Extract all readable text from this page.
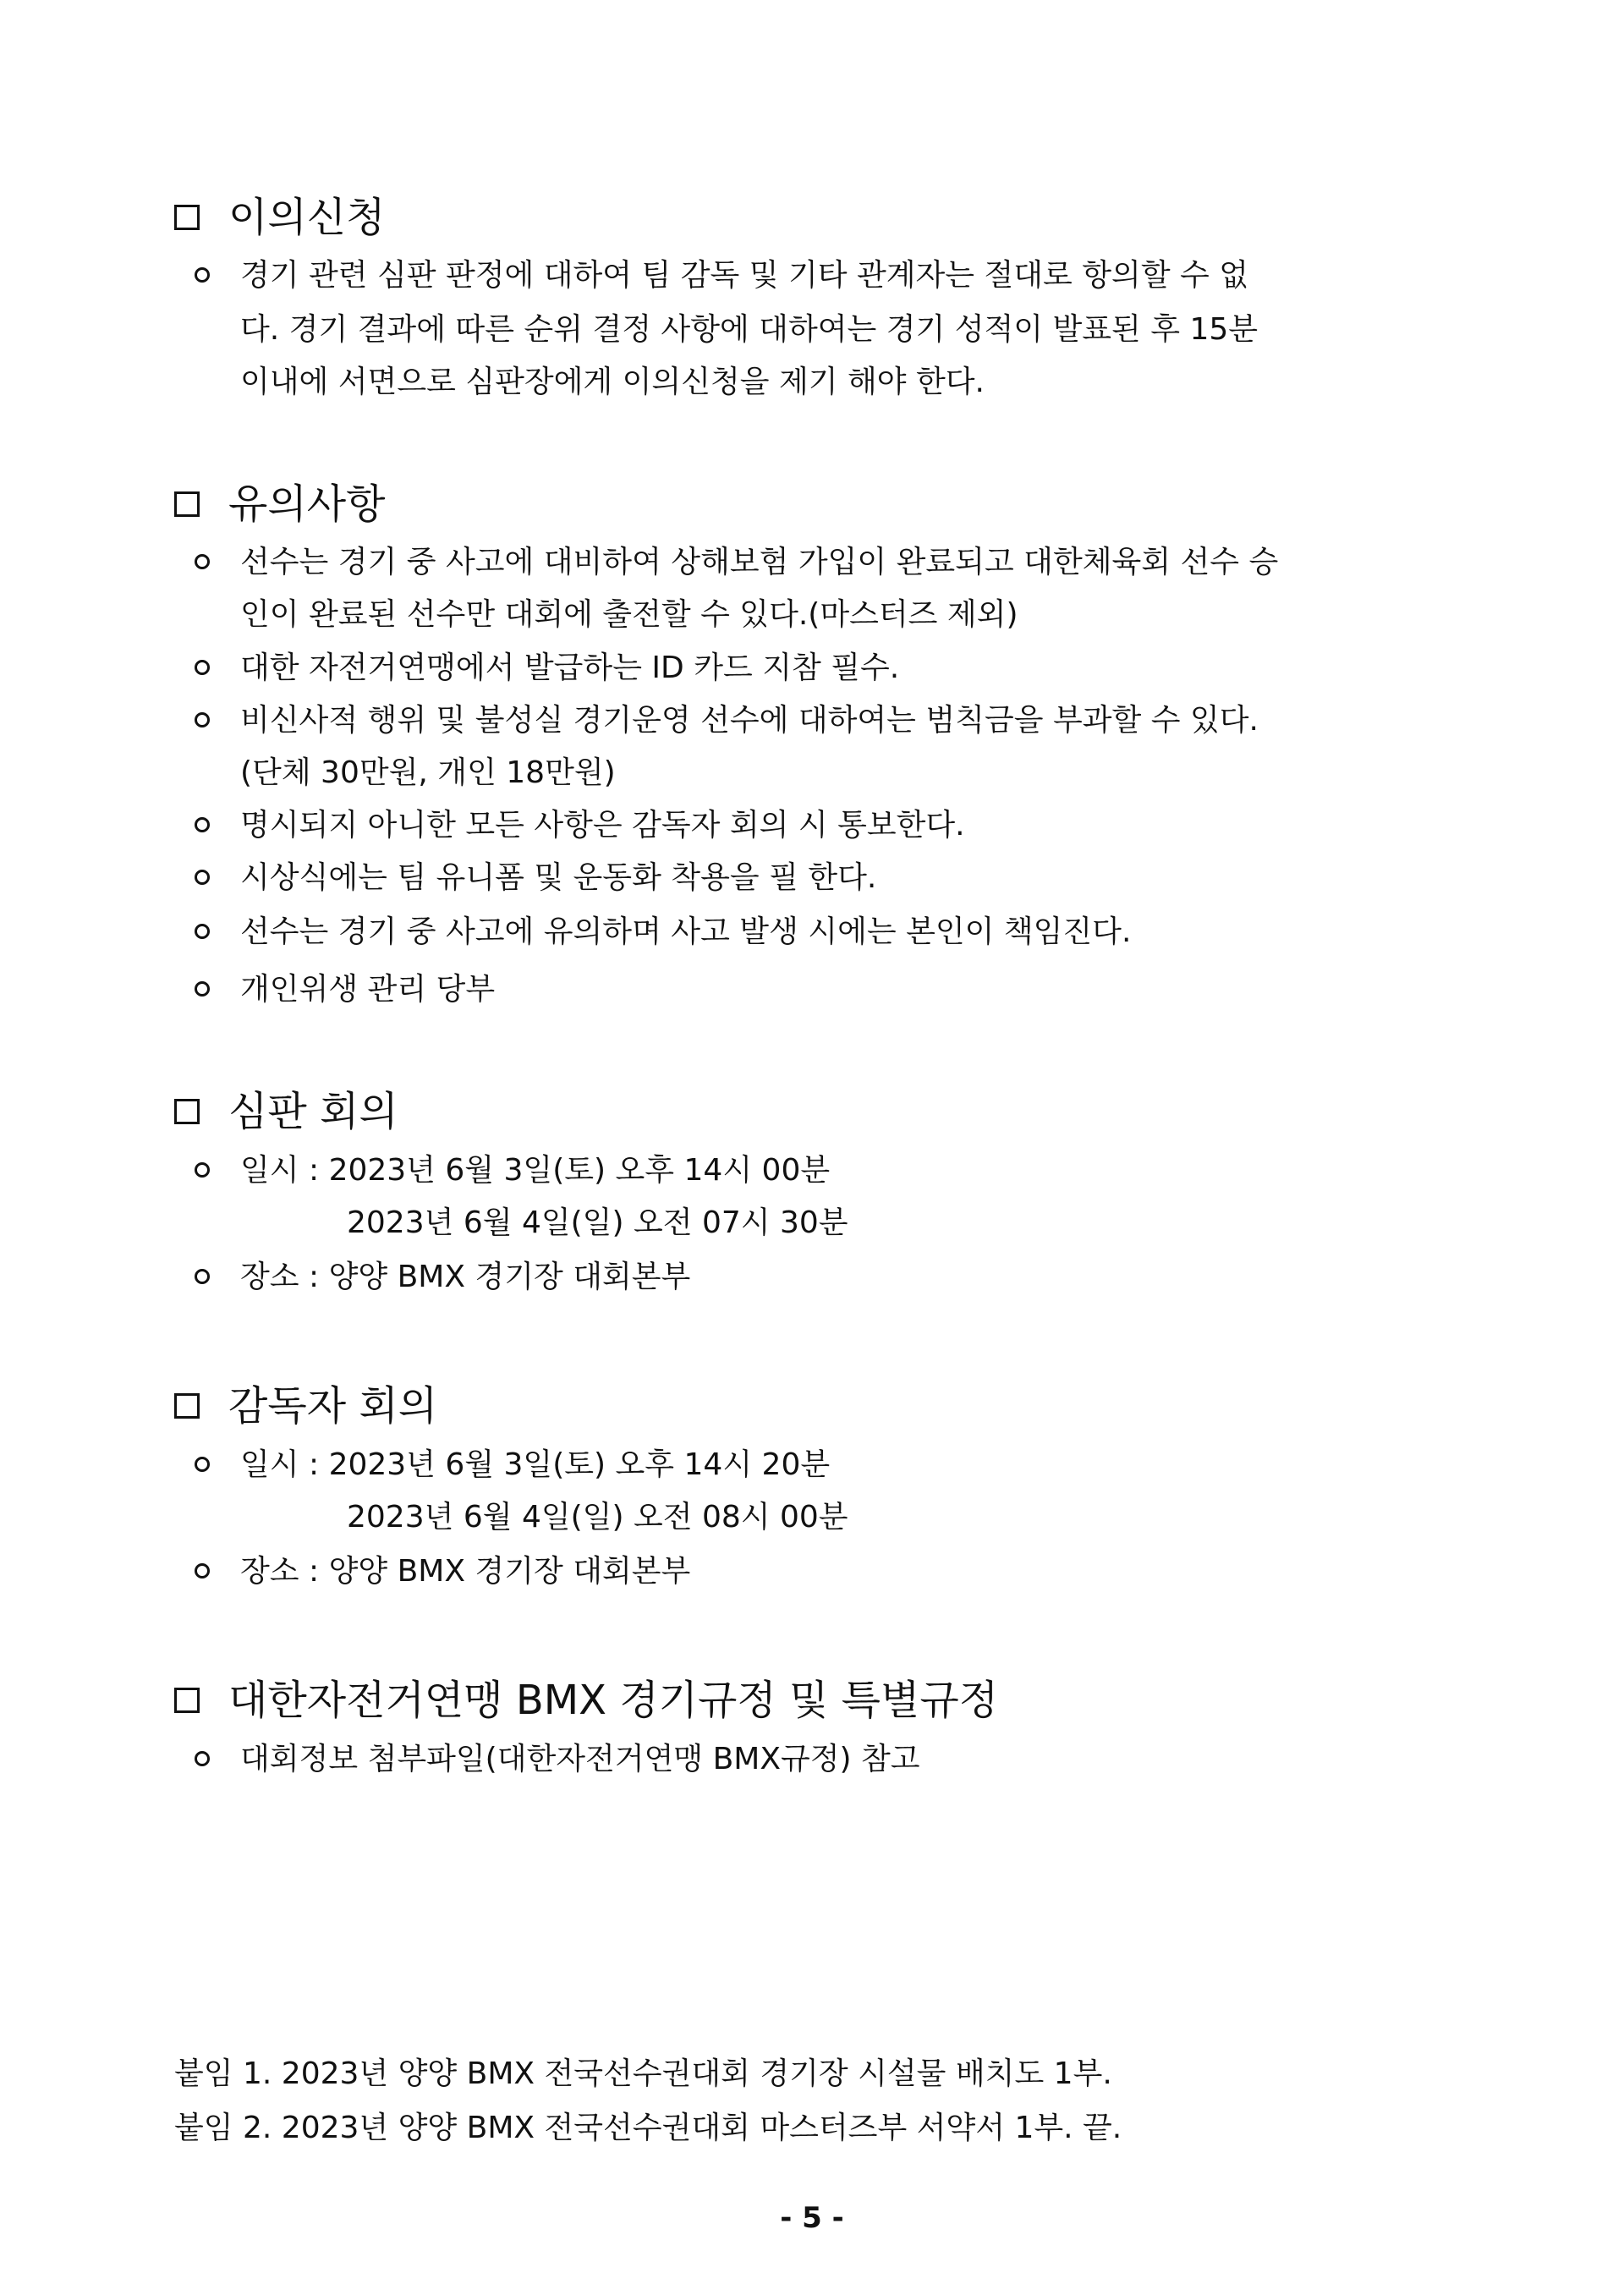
이의신청
경기 관련 심판 판정에 대하여 팀 감독 및 기타 관계자는 절대로 항의할 수 없
다. 경기 결과에 따른 순위 결정 사항에 대하여는 경기 성적이 발표된 후 15분
이내에 서면으로 심판장에게 이의신청을 제기 해야 한다.
유의사항
선수는 경기 중 사고에 대비하여 상해보험 가입이 완료되고 대한체육회 선수 승
인이 완료된 선수만 대회에 출전할 수 있다.(마스터즈 제외)
대한 자전거연맹에서 발급하는 ID 카드 지참 필수.
비신사적 행위 및 불성실 경기운영 선수에 대하여는 범칙금을 부과할 수 있다.
(단체 30만원, 개인 18만원)
명시되지 아니한 모든 사항은 감독자 회의 시 통보한다.
시상식에는 팀 유니폼 및 운동화 착용을 필 한다.
선수는 경기 중 사고에 유의하며 사고 발생 시에는 본인이 책임진다.
개인위생 관리 당부
심판 회의
일시 : 2023년 6월 3일(토) 오후 14시 00분
2023년 6월 4일(일) 오전 07시 30분
장소 : 양양 BMX 경기장 대회본부
감독자 회의
일시 : 2023년 6월 3일(토) 오후 14시 20분
2023년 6월 4일(일) 오전 08시 00분
장소 : 양양 BMX 경기장 대회본부
대한자전거연맹 BMX 경기규정 및 특별규정
대회정보 첨부파일(대한자전거연맹 BMX규정) 참고
붙임 1. 2023년 양양 BMX 전국선수권대회 경기장 시설물 배치도 1부.
붙임 2. 2023년 양양 BMX 전국선수권대회 마스터즈부 서약서 1부. 끝.
- 5 -
